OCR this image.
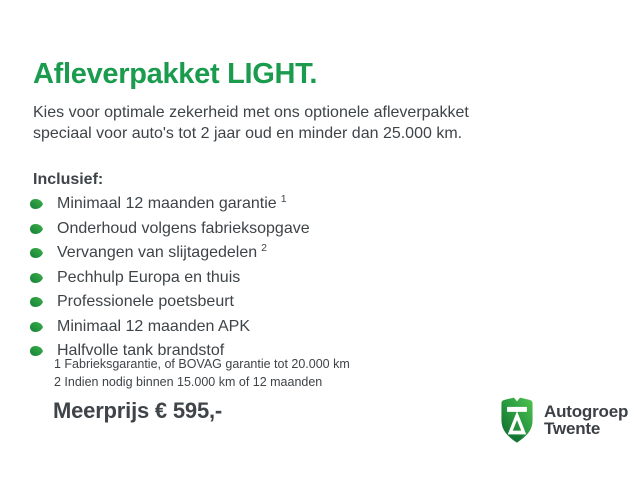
Afleverpakket LIGHT.

Kies voor optimale zekerheid met ons optionele afleverpakket
speciaal voor auto's tot 2 jaar oud en minder dan 25.000 km.

Inclusief:

Minimaal 12 maanden garantie 1
Onderhoud volgens fabrieksopgave
Vervangen van slijtagedelen 2
Pechhulp Europa en thuis
Professionele poetsbeurt
Minimaal 12 maanden APK
Halfvolle tank brandstof
1 Fabrieksgarantie, of BOVAG garantie tot 20.000 km
2 Indien nodig binnen 15.000 km of 12 maanden

Meerprijs € 595,-	Autogroep
Twente
